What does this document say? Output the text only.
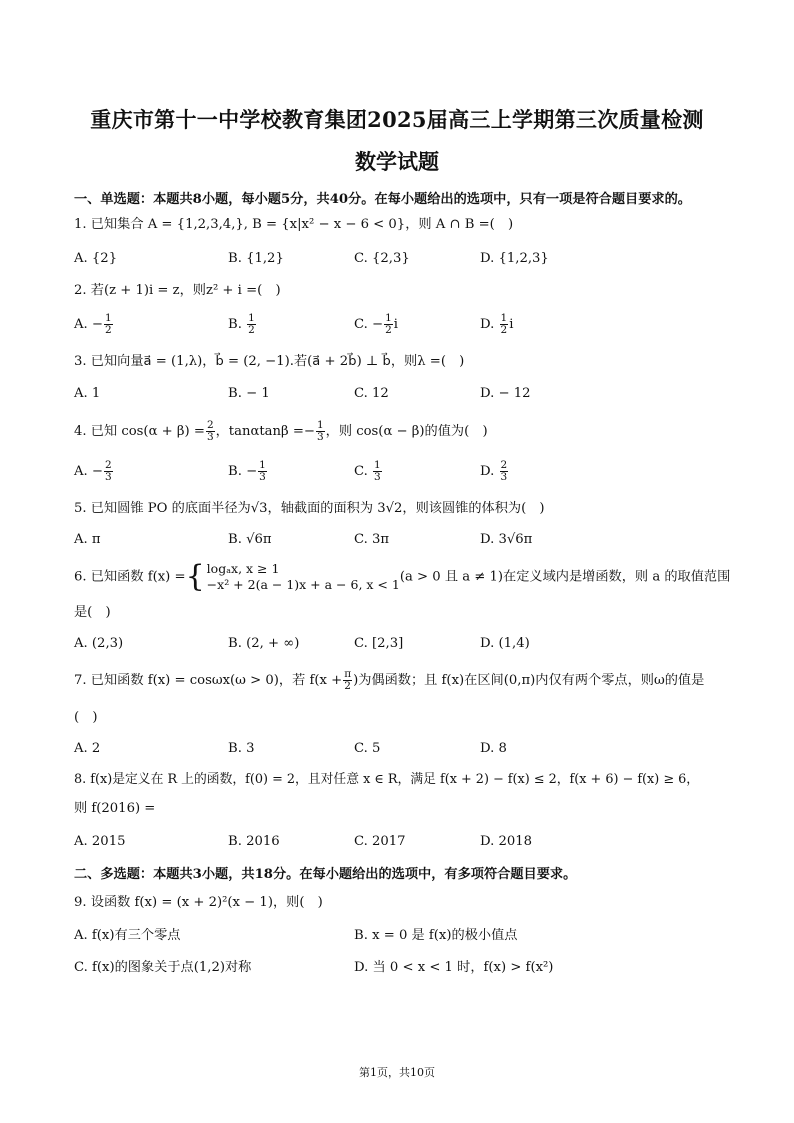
重庆市第十一中学校教育集团2025届高三上学期第三次质量检测
数学试题
一、单选题：本题共8小题，每小题5分，共40分。在每小题给出的选项中，只有一项是符合题目要求的。
1. 已知集合 A = {1,2,3,4,}, B = {x|x² − x − 6 < 0}，则 A ∩ B =(　)
A. {2}	B. {1,2}	C. {2,3}	D. {1,2,3}
2. 若(z + 1)i = z，则z² + i =(　)
A. − $\frac{1}{2}$	B. $\frac{1}{2}$	C. − $\frac{1}{2}$ i	D. $\frac{1}{2}$ i
3. 已知向量a⃗ = (1,λ)，b⃗ = (2, −1).若(a⃗ + 2b⃗) ⊥ b⃗，则λ =(　)
A. 1	B. − 1	C. 12	D. − 12
4. 已知 $\cos(\alpha + \beta) = \frac{2}{3}$ ，$\tan\alpha\tan\beta =- \frac{1}{3}$ ，则 cos(α − β)的值为(　)
A. − $\frac{2}{3}$	B. − $\frac{1}{3}$	C. $\frac{1}{3}$	D. $\frac{2}{3}$
5. 已知圆锥 PO 的底面半径为√3，轴截面的面积为 3√2，则该圆锥的体积为(　)
A. π	B. √6π	C. 3π	D. 3√6π
6. 已知函数 f(x) ={ logₐx, x ≥ 1
−x² + 2(a − 1)x + a − 6, x < 1 (a > 0 且 a ≠ 1)在定义域内是增函数，则 a 的取值范围
是(　)
A. (2,3)	B. (2, + ∞)	C. [2,3]	D. (1,4)
7. 已知函数 f(x) = cosωx(ω > 0)，若 $f(x + \frac{\pi}{2}$ )为偶函数；且 f(x)在区间(0,π)内仅有两个零点，则ω的值是
(　)
A. 2	B. 3	C. 5	D. 8
8. f(x)是定义在 R 上的函数，f(0) = 2，且对任意 x ∈ R，满足 f(x + 2) − f(x) ≤ 2，f(x + 6) − f(x) ≥ 6，
则 f(2016) =
A. 2015	B. 2016	C. 2017	D. 2018
二、多选题：本题共3小题，共18分。在每小题给出的选项中，有多项符合题目要求。
9. 设函数 f(x) = (x + 2)²(x − 1)，则(　)
A. f(x)有三个零点	B. x = 0 是 f(x)的极小值点
C. f(x)的图象关于点(1,2)对称	D. 当 0 < x < 1 时，f(x) > f(x²)
第1页，共10页
